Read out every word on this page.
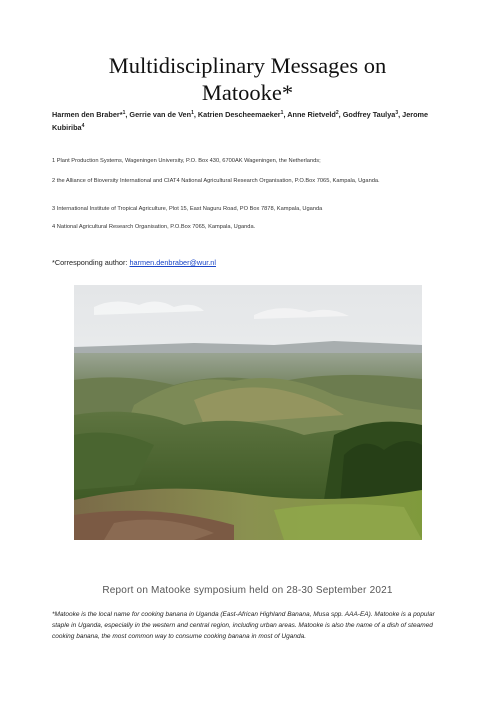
Multidisciplinary Messages on
Matooke*
Harmen den Braber*$^1$, Gerrie van de Ven$^1$, Katrien Descheemaeker$^1$, Anne Rietveld$^2$, Godfrey Taulya$^3$, Jerome Kubiriba$^4$
1 Plant Production Systems, Wageningen University, P.O. Box 430, 6700AK Wageningen, the Netherlands;
2 the Alliance of Bioversity International and CIAT4 National Agricultural Research Organisation, P.O.Box 7065, Kampala, Uganda.
3 International Institute of Tropical Agriculture, Plot 15, East Naguru Road, PO Box 7878, Kampala, Uganda
4 National Agricultural Research Organisation, P.O.Box 7065, Kampala, Uganda.
*Corresponding author: harmen.denbraber@wur.nl
Report on Matooke symposium held on 28-30 September 2021
*Matooke is the local name for cooking banana in Uganda (East-African Highland Banana, Musa spp. AAA-EA). Matooke is a popular staple in Uganda, especially in the western and central region, including urban areas. Matooke is also the name of a dish of steamed cooking banana, the most common way to consume cooking banana in most of Uganda.
